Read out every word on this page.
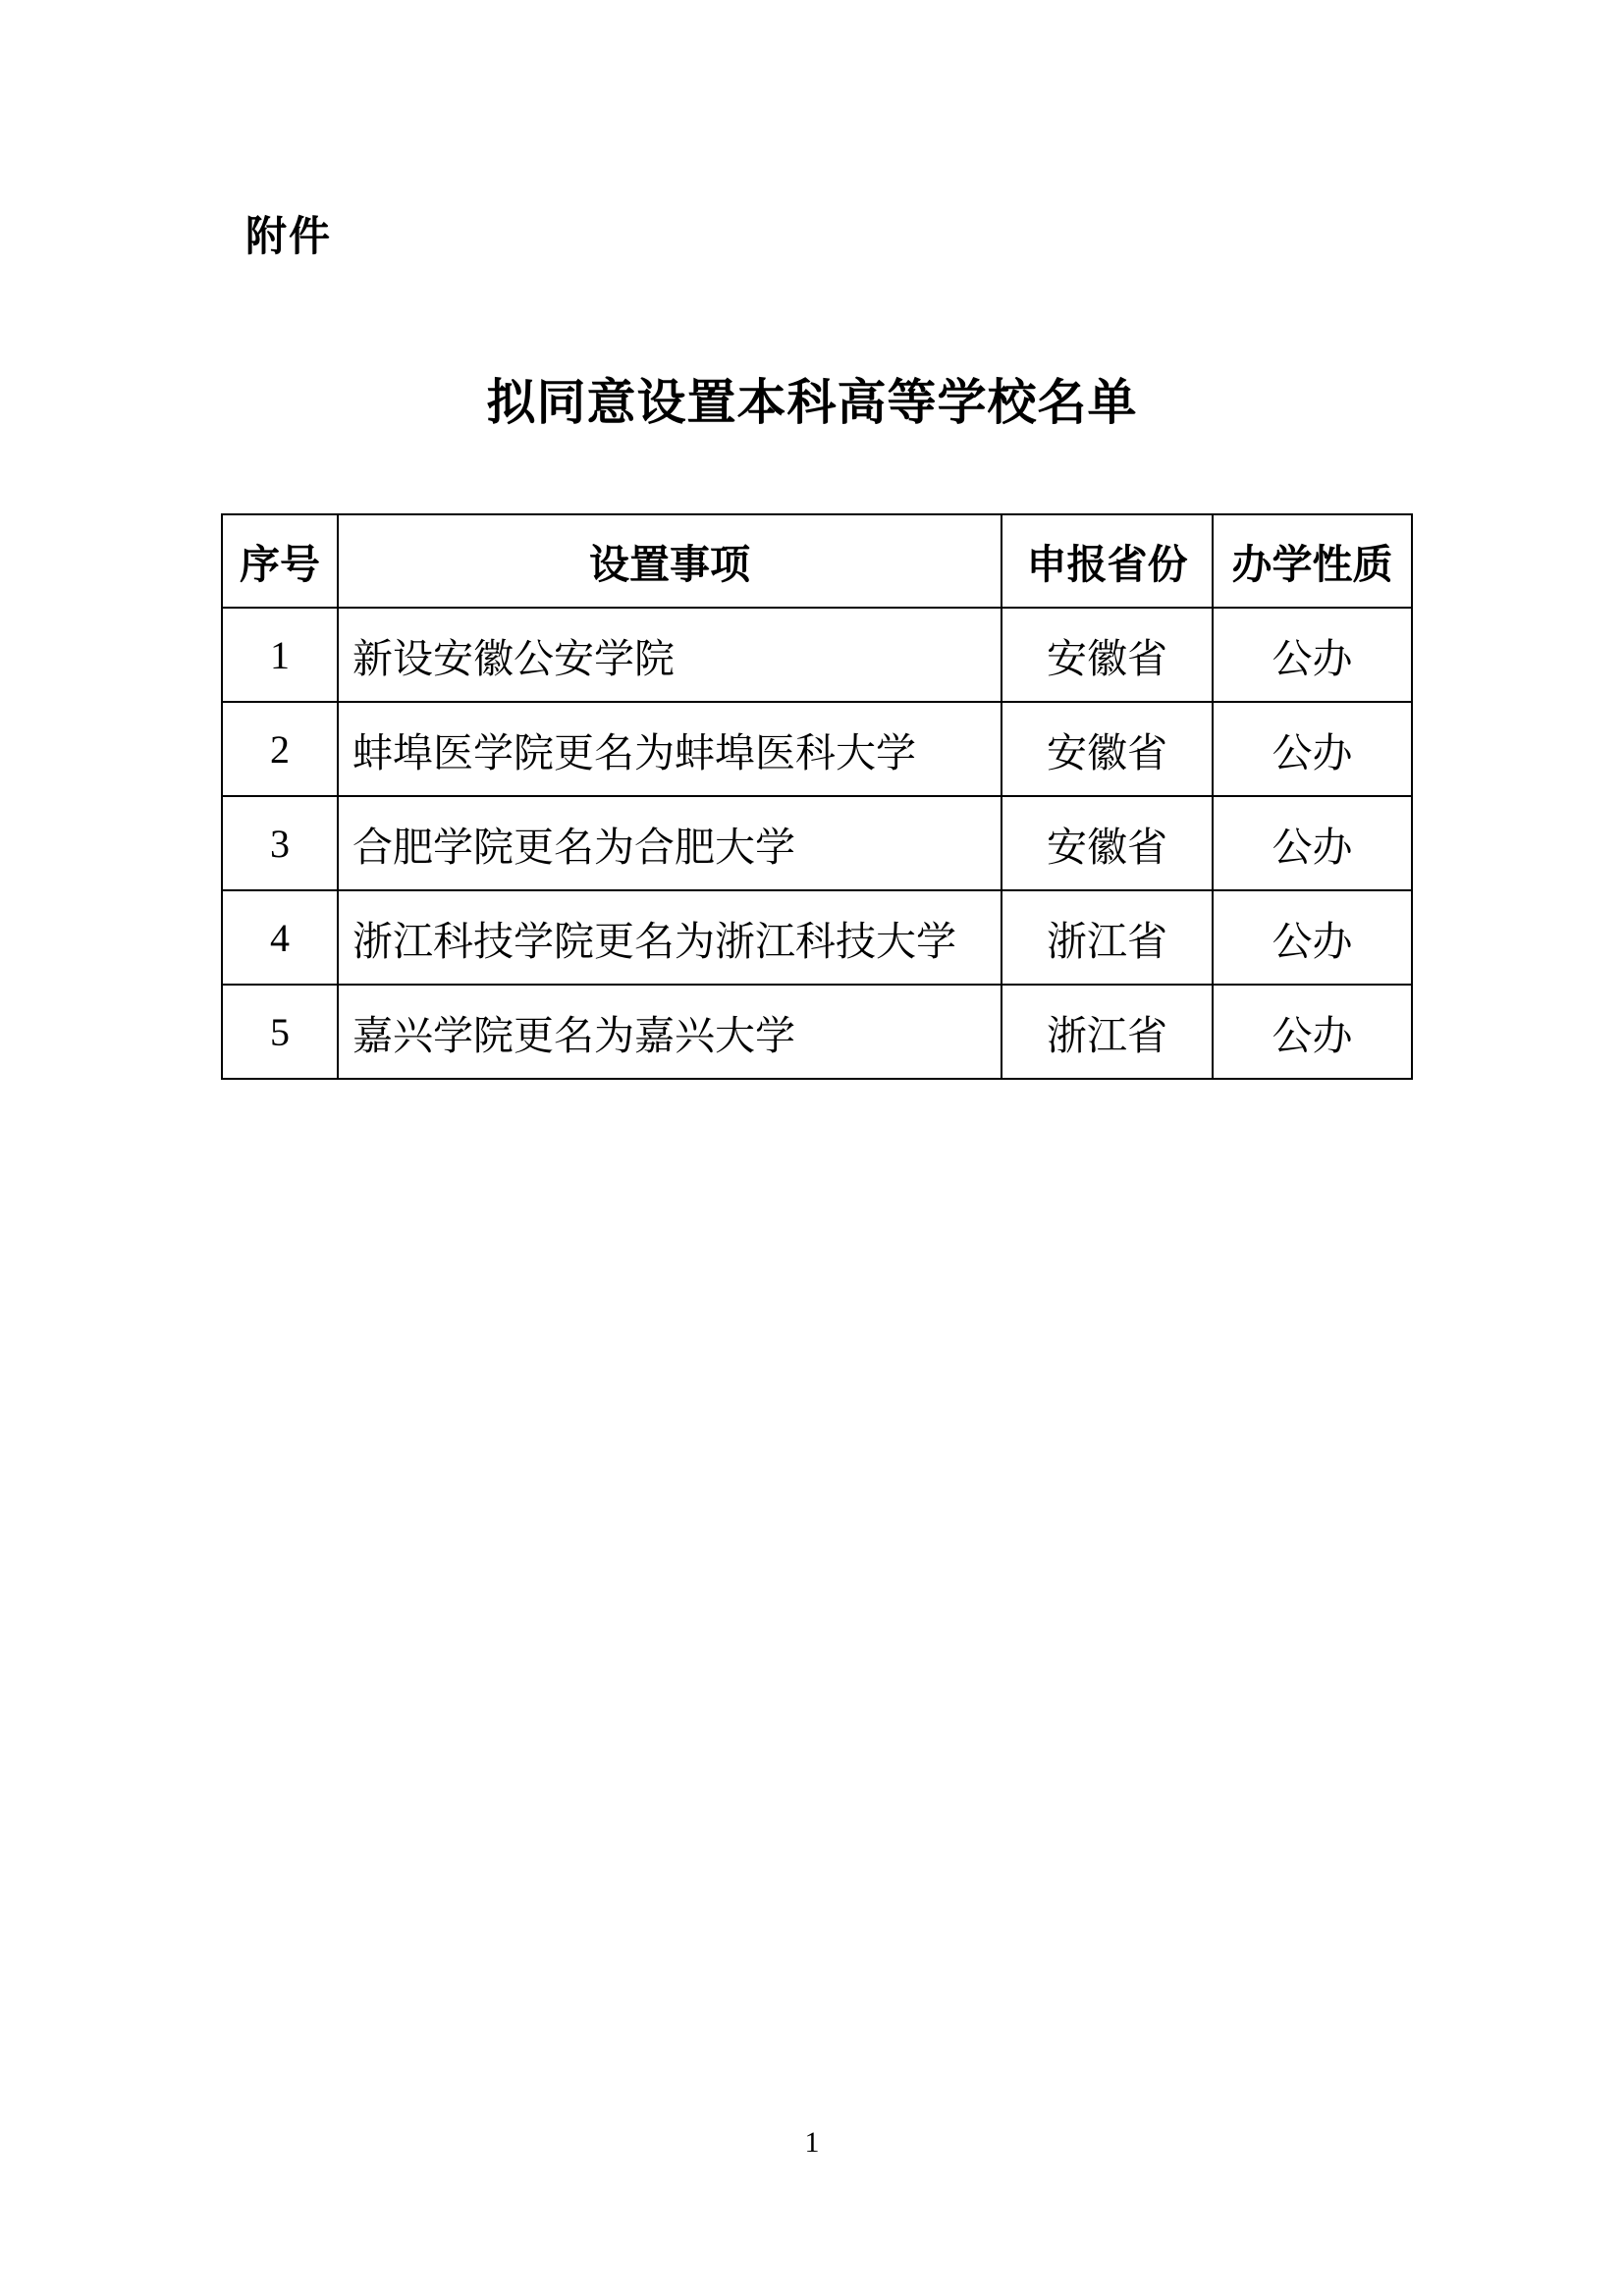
附件
拟同意设置本科高等学校名单
序号	设置事项	申报省份	办学性质
1	新设安徽公安学院	安徽省	公办
2	蚌埠医学院更名为蚌埠医科大学	安徽省	公办
3	合肥学院更名为合肥大学	安徽省	公办
4	浙江科技学院更名为浙江科技大学	浙江省	公办
5	嘉兴学院更名为嘉兴大学	浙江省	公办
1
